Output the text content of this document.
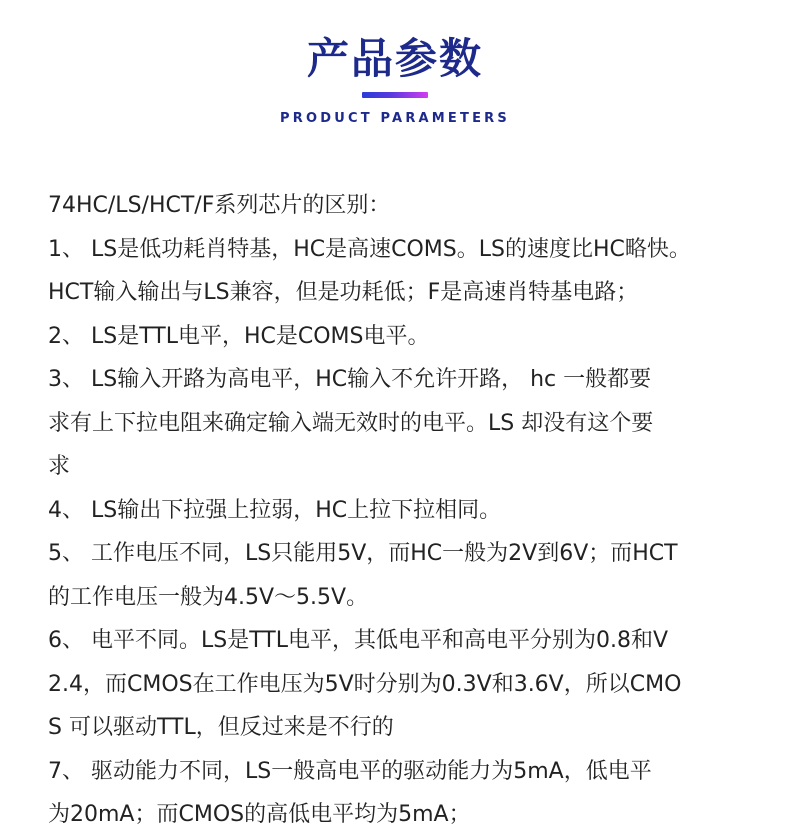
产品参数
PRODUCT PARAMETERS
74HC/LS/HCT/F系列芯片的区别：
1、 LS是低功耗肖特基，HC是高速COMS。LS的速度比HC略快。
HCT输入输出与LS兼容，但是功耗低；F是高速肖特基电路；
2、 LS是TTL电平，HC是COMS电平。
3、 LS输入开路为高电平，HC输入不允许开路， hc 一般都要
求有上下拉电阻来确定输入端无效时的电平。LS 却没有这个要
求
4、 LS输出下拉强上拉弱，HC上拉下拉相同。
5、 工作电压不同，LS只能用5V，而HC一般为2V到6V；而HCT
的工作电压一般为4.5V～5.5V。
6、 电平不同。LS是TTL电平，其低电平和高电平分别为0.8和V
2.4，而CMOS在工作电压为5V时分别为0.3V和3.6V，所以CMO
S 可以驱动TTL，但反过来是不行的
7、 驱动能力不同，LS一般高电平的驱动能力为5mA，低电平
为20mA；而CMOS的高低电平均为5mA；
